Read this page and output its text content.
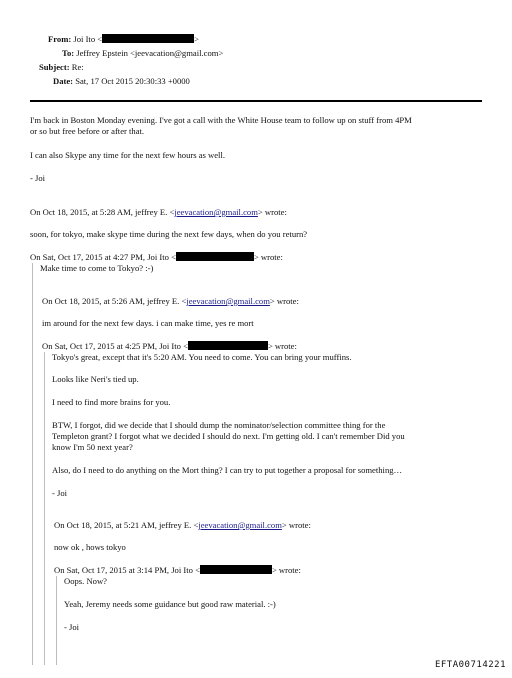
From: Joi Ito <	>
To: Jeffrey Epstein <jeevacation@gmail.com>
Subject: Re:
Date: Sat, 17 Oct 2015 20:30:33 +0000
I'm back in Boston Monday evening. I've got a call with the White House team to follow up on stuff from 4PM
or so but free before or after that.
I can also Skype any time for the next few hours as well.
- Joi
On Oct 18, 2015, at 5:28 AM, jeffrey E. <jeevacation@gmail.com> wrote:
soon, for tokyo, make skype time during the next few days, when do you return?
On Sat, Oct 17, 2015 at 4:27 PM, Joi Ito <	> wrote:
Make time to come to Tokyo? :-)
On Oct 18, 2015, at 5:26 AM, jeffrey E. <jeevacation@gmail.com> wrote:
im around for the next few days. i can make time, yes re mort
On Sat, Oct 17, 2015 at 4:25 PM, Joi Ito <	> wrote:
Tokyo's great, except that it's 5:20 AM. You need to come. You can bring your muffins.
Looks like Neri's tied up.
I need to find more brains for you.
BTW, I forgot, did we decide that I should dump the nominator/selection committee thing for the
Templeton grant? I forgot what we decided I should do next. I'm getting old. I can't remember Did you
know I'm 50 next year?
Also, do I need to do anything on the Mort thing? I can try to put together a proposal for something…
- Joi
On Oct 18, 2015, at 5:21 AM, jeffrey E. <jeevacation@gmail.com> wrote:
now ok , hows tokyo
On Sat, Oct 17, 2015 at 3:14 PM, Joi Ito <	> wrote:
Oops. Now?
Yeah, Jeremy needs some guidance but good raw material. :-)
- Joi
EFTA00714221
